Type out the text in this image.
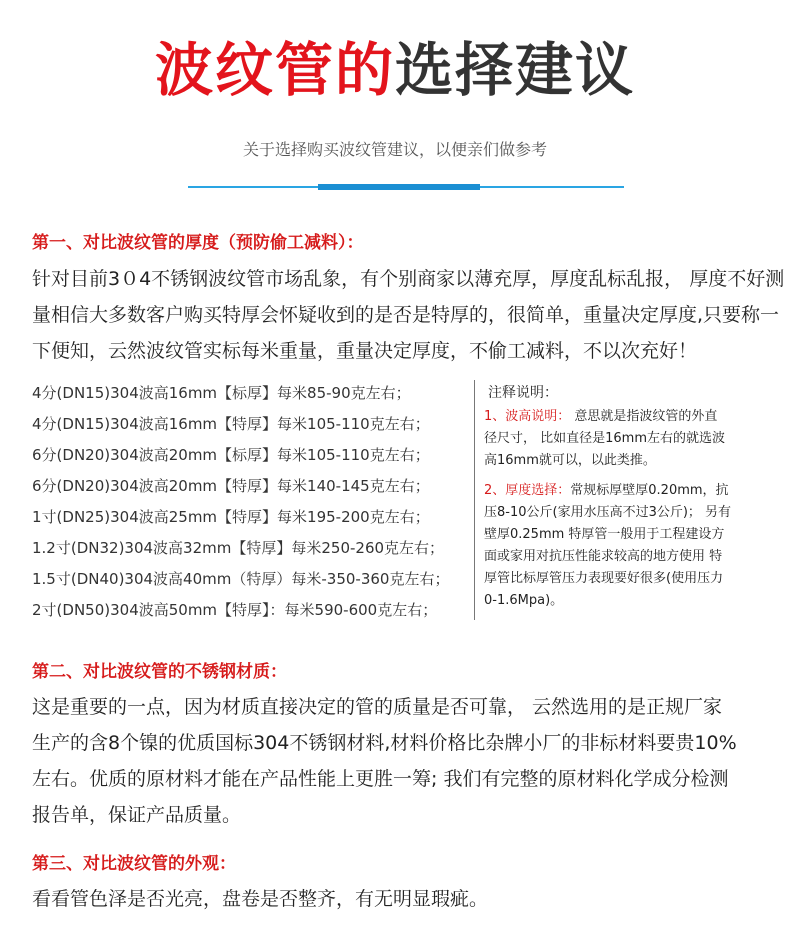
波纹管的选择建议
关于选择购买波纹管建议，以便亲们做参考
第一、对比波纹管的厚度（预防偷工减料）：
针对目前3０4不锈钢波纹管市场乱象，有个别商家以薄充厚，厚度乱标乱报， 厚度不好测
量相信大多数客户购买特厚会怀疑收到的是否是特厚的，很简单，重量决定厚度,只要称一
下便知，云然波纹管实标每米重量，重量决定厚度，不偷工减料，不以次充好！
4分(DN15)304波高16mm【标厚】每米85-90克左右；
4分(DN15)304波高16mm【特厚】每米105-110克左右；
6分(DN20)304波高20mm【标厚】每米105-110克左右；
6分(DN20)304波高20mm【特厚】每米140-145克左右；
1寸(DN25)304波高25mm【特厚】每米195-200克左右；
1.2寸(DN32)304波高32mm【特厚】每米250-260克左右；
1.5寸(DN40)304波高40mm（特厚）每米-350-360克左右；
2寸(DN50)304波高50mm【特厚】：每米590-600克左右；
注释说明：
1、波高说明： 意思就是指波纹管的外直
径尺寸， 比如直径是16mm左右的就选波
高16mm就可以，以此类推。
2、厚度选择：常规标厚壁厚0.20mm，抗
压8-10公斤(家用水压高不过3公斤)； 另有
壁厚0.25mm 特厚管一般用于工程建设方
面或家用对抗压性能求较高的地方使用 特
厚管比标厚管压力表现要好很多(使用压力
0-1.6Mpa)。
第二、对比波纹管的不锈钢材质：
这是重要的一点，因为材质直接决定的管的质量是否可靠， 云然选用的是正规厂家
生产的含8个镍的优质国标304不锈钢材料,材料价格比杂牌小厂的非标材料要贵10%
左右。优质的原材料才能在产品性能上更胜一筹; 我们有完整的原材料化学成分检测
报告单，保证产品质量。
第三、对比波纹管的外观：
看看管色泽是否光亮，盘卷是否整齐，有无明显瑕疵。
